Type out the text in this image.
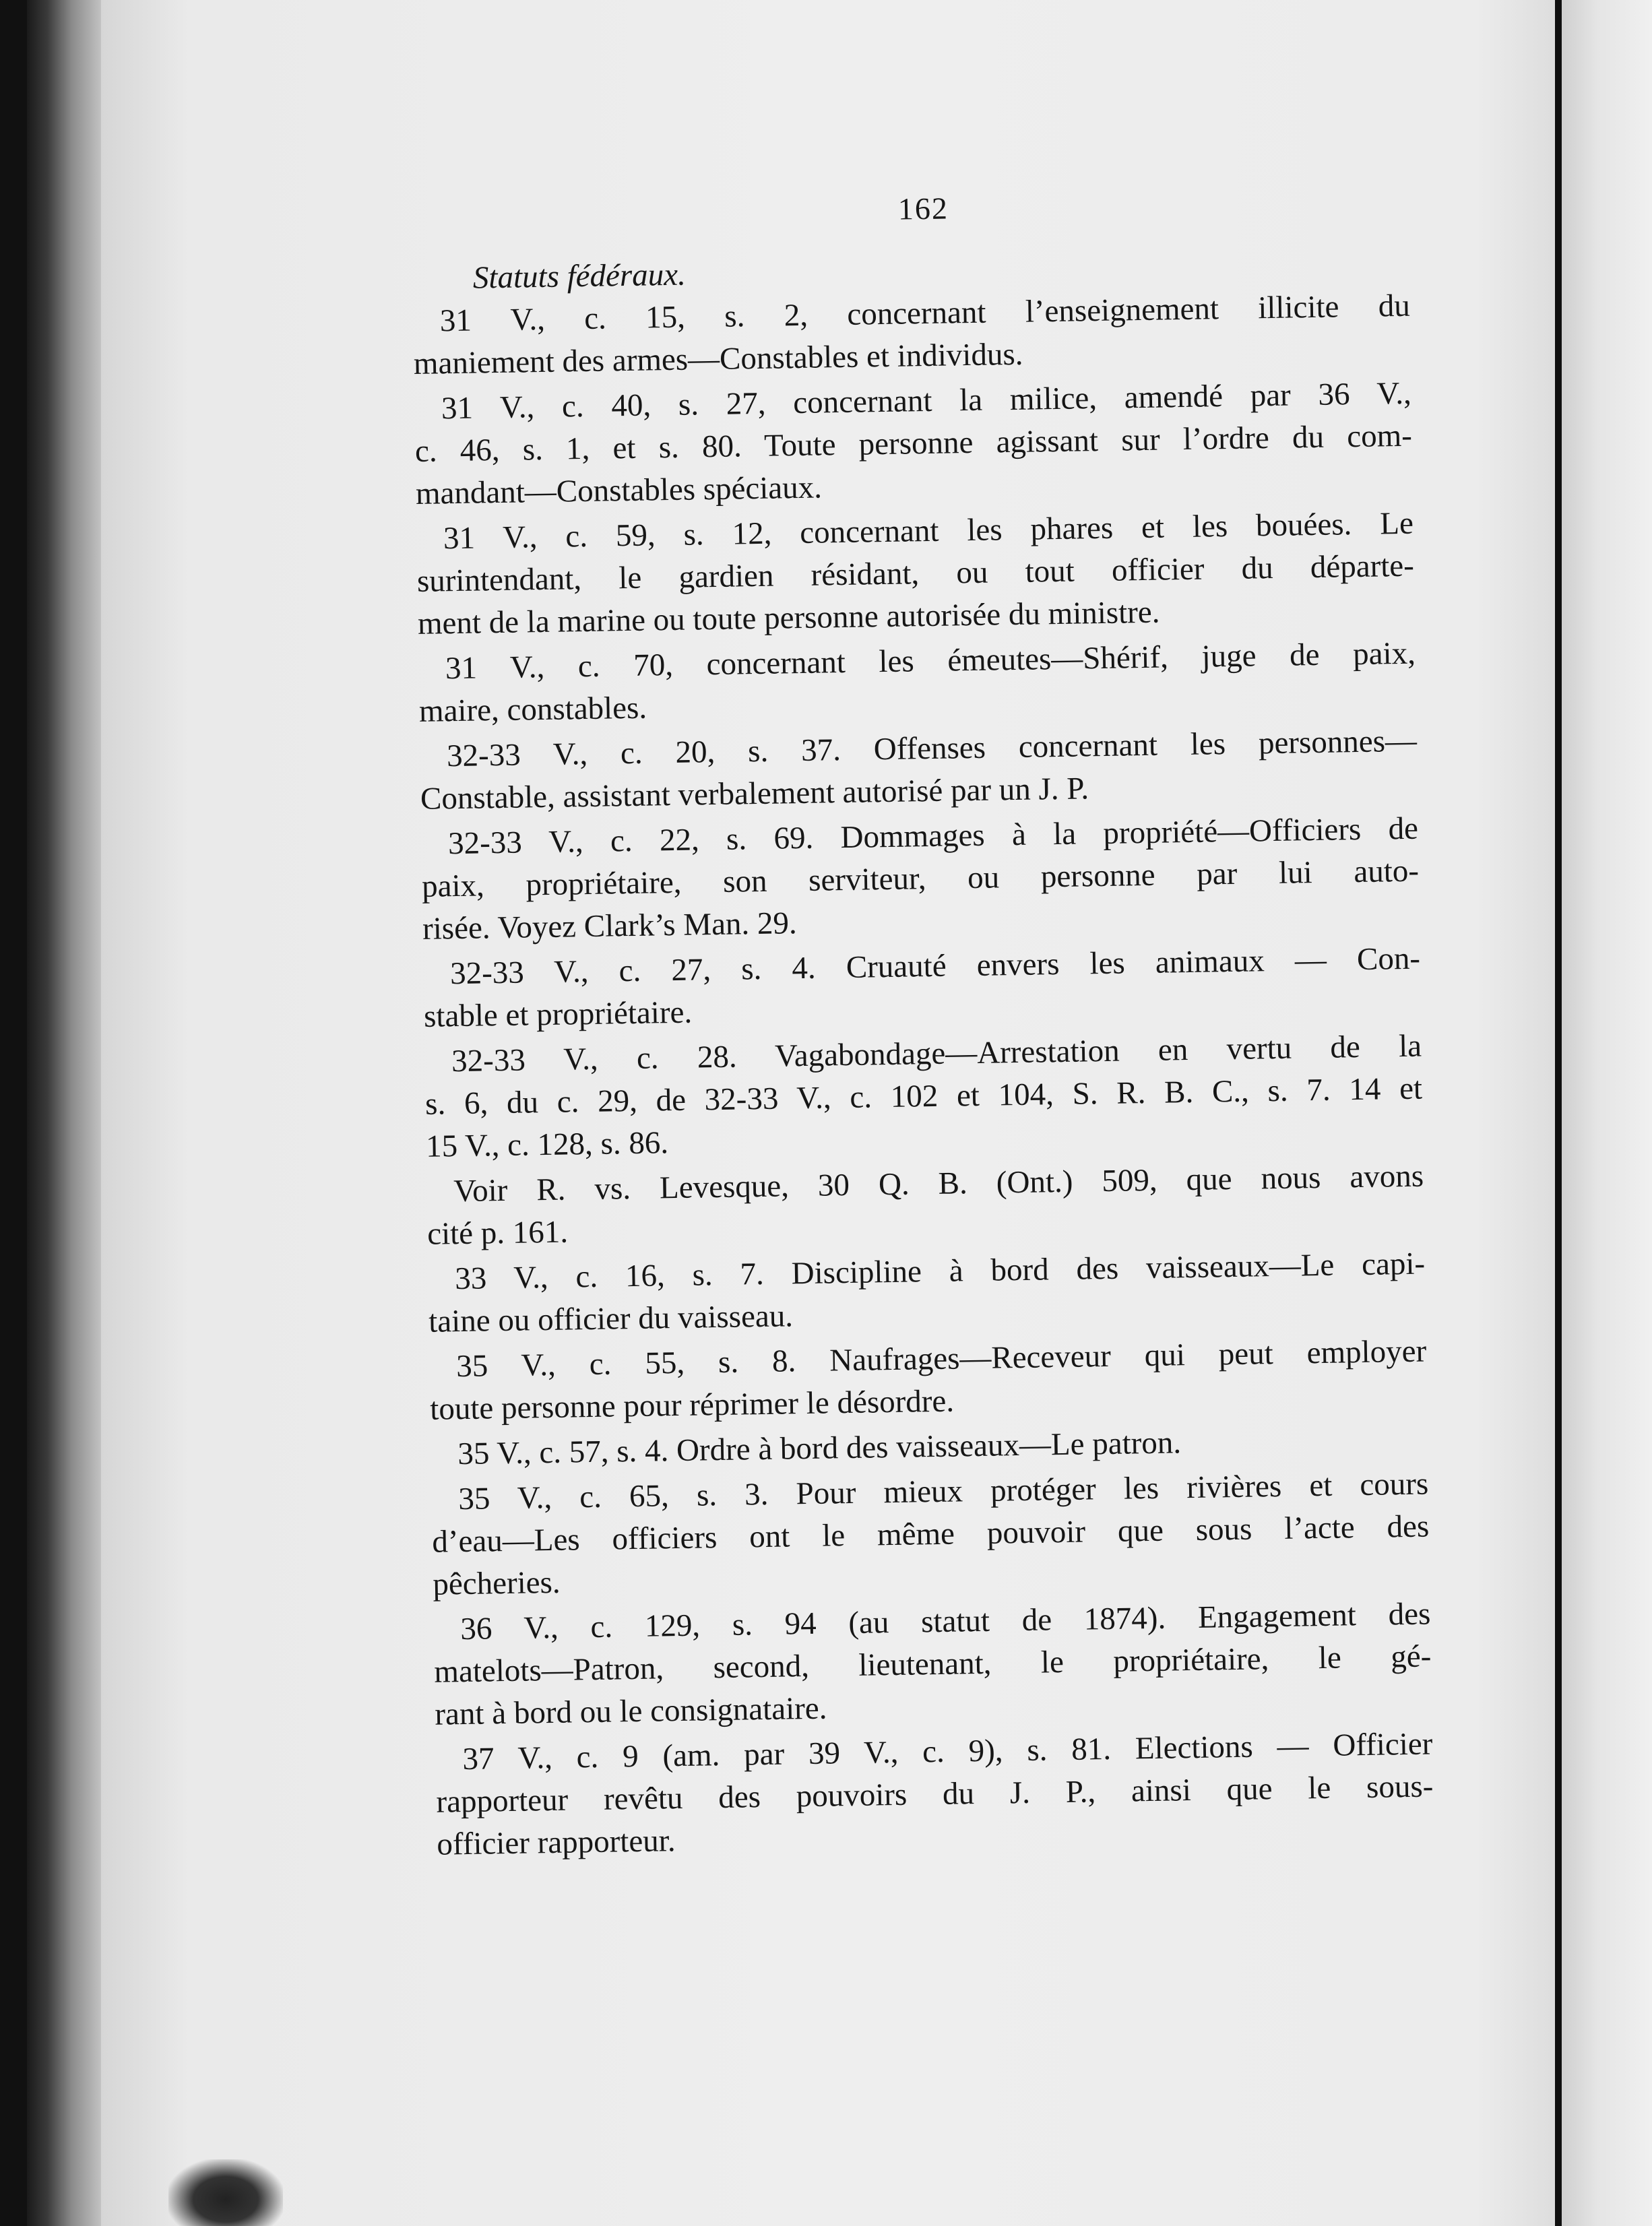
162
Statuts fédéraux.
31 V., c. 15, s. 2, concernant l’enseignement illicite du
maniement des armes—Constables et individus.
31 V., c. 40, s. 27, concernant la milice, amendé par 36 V.,
c. 46, s. 1, et s. 80. Toute personne agissant sur l’ordre du com-
mandant—Constables spéciaux.
31 V., c. 59, s. 12, concernant les phares et les bouées. Le
surintendant, le gardien résidant, ou tout officier du départe-
ment de la marine ou toute personne autorisée du ministre.
31 V., c. 70, concernant les émeutes—Shérif, juge de paix,
maire, constables.
32-33 V., c. 20, s. 37. Offenses concernant les personnes—
Constable, assistant verbalement autorisé par un J. P.
32-33 V., c. 22, s. 69. Dommages à la propriété—Officiers de
paix, propriétaire, son serviteur, ou personne par lui auto-
risée. Voyez Clark’s Man. 29.
32-33 V., c. 27, s. 4. Cruauté envers les animaux — Con-
stable et propriétaire.
32-33 V., c. 28. Vagabondage—Arrestation en vertu de la
s. 6, du c. 29, de 32-33 V., c. 102 et 104, S. R. B. C., s. 7. 14 et
15 V., c. 128, s. 86.
Voir R. vs. Levesque, 30 Q. B. (Ont.) 509, que nous avons
cité p. 161.
33 V., c. 16, s. 7. Discipline à bord des vaisseaux—Le capi-
taine ou officier du vaisseau.
35 V., c. 55, s. 8. Naufrages—Receveur qui peut employer
toute personne pour réprimer le désordre.
35 V., c. 57, s. 4. Ordre à bord des vaisseaux—Le patron.
35 V., c. 65, s. 3. Pour mieux protéger les rivières et cours
d’eau—Les officiers ont le même pouvoir que sous l’acte des
pêcheries.
36 V., c. 129, s. 94 (au statut de 1874). Engagement des
matelots—Patron, second, lieutenant, le propriétaire, le gé-
rant à bord ou le consignataire.
37 V., c. 9 (am. par 39 V., c. 9), s. 81. Elections — Officier
rapporteur revêtu des pouvoirs du J. P., ainsi que le sous-
officier rapporteur.
